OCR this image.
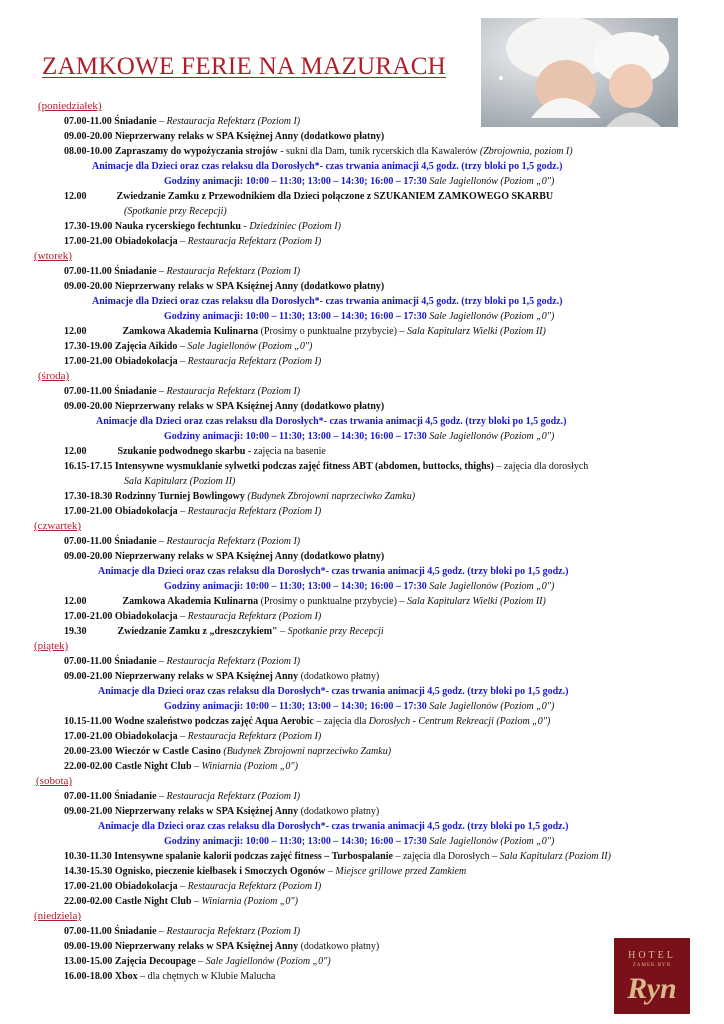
ZAMKOWE FERIE NA MAZURACH
HOTEL
ZAMEK RYN
Ryn
(poniedziałek)
07.00-11.00 Śniadanie – Restauracja Refektarz (Poziom I)
09.00-20.00 Nieprzerwany relaks w SPA Księżnej Anny (dodatkowo płatny)
08.00-10.00 Zapraszamy do wypożyczania strojów - sukni dla Dam, tunik rycerskich dla Kawalerów (Zbrojownia, poziom I)
Animacje dla Dzieci oraz czas relaksu dla Dorosłych*- czas trwania animacji 4,5 godz. (trzy bloki po 1,5 godz.)
Godziny animacji: 10:00 – 11:30; 13:00 – 14:30; 16:00 – 17:30 Sale Jagiellonów (Poziom „0")
12.00	Zwiedzanie Zamku z Przewodnikiem dla Dzieci połączone z SZUKANIEM ZAMKOWEGO SKARBU
(Spotkanie przy Recepcji)
17.30-19.00 Nauka rycerskiego fechtunku - Dziedziniec (Poziom I)
17.00-21.00 Obiadokolacja – Restauracja Refektarz (Poziom I)
(wtorek)
07.00-11.00 Śniadanie – Restauracja Refektarz (Poziom I)
09.00-20.00 Nieprzerwany relaks w SPA Księżnej Anny (dodatkowo płatny)
Animacje dla Dzieci oraz czas relaksu dla Dorosłych*- czas trwania animacji 4,5 godz. (trzy bloki po 1,5 godz.)
Godziny animacji: 10:00 – 11:30; 13:00 – 14:30; 16:00 – 17:30 Sale Jagiellonów (Poziom „0")
12.00	Zamkowa Akademia Kulinarna (Prosimy o punktualne przybycie) – Sala Kapitularz Wielki (Poziom II)
17.30-19.00 Zajęcia Aikido – Sale Jagiellonów (Poziom „0")
17.00-21.00 Obiadokolacja – Restauracja Refektarz (Poziom I)
(środa)
07.00-11.00 Śniadanie – Restauracja Refektarz (Poziom I)
09.00-20.00 Nieprzerwany relaks w SPA Księżnej Anny (dodatkowo płatny)
Animacje dla Dzieci oraz czas relaksu dla Dorosłych*- czas trwania animacji 4,5 godz. (trzy bloki po 1,5 godz.)
Godziny animacji: 10:00 – 11:30; 13:00 – 14:30; 16:00 – 17:30 Sale Jagiellonów (Poziom „0")
12.00	Szukanie podwodnego skarbu - zajęcia na basenie
16.15-17.15 Intensywne wysmuklanie sylwetki podczas zajęć fitness ABT (abdomen, buttocks, thighs) – zajęcia dla dorosłych
Sala Kapitularz (Poziom II)
17.30-18.30 Rodzinny Turniej Bowlingowy (Budynek Zbrojowni naprzeciwko Zamku)
17.00-21.00 Obiadokolacja – Restauracja Refektarz (Poziom I)
(czwartek)
07.00-11.00 Śniadanie – Restauracja Refektarz (Poziom I)
09.00-20.00 Nieprzerwany relaks w SPA Księżnej Anny (dodatkowo płatny)
Animacje dla Dzieci oraz czas relaksu dla Dorosłych*- czas trwania animacji 4,5 godz. (trzy bloki po 1,5 godz.)
Godziny animacji: 10:00 – 11:30; 13:00 – 14:30; 16:00 – 17:30 Sale Jagiellonów (Poziom „0")
12.00	Zamkowa Akademia Kulinarna (Prosimy o punktualne przybycie) – Sala Kapitularz Wielki (Poziom II)
17.00-21.00 Obiadokolacja – Restauracja Refektarz (Poziom I)
19.30	Zwiedzanie Zamku z „dreszczykiem" – Spotkanie przy Recepcji
(piątek)
07.00-11.00 Śniadanie – Restauracja Refektarz (Poziom I)
09.00-21.00 Nieprzerwany relaks w SPA Księżnej Anny (dodatkowo płatny)
Animacje dla Dzieci oraz czas relaksu dla Dorosłych*- czas trwania animacji 4,5 godz. (trzy bloki po 1,5 godz.)
Godziny animacji: 10:00 – 11:30; 13:00 – 14:30; 16:00 – 17:30 Sale Jagiellonów (Poziom „0")
10.15-11.00 Wodne szaleństwo podczas zajęć Aqua Aerobic – zajęcia dla Dorosłych - Centrum Rekreacji (Poziom „0")
17.00-21.00 Obiadokolacja – Restauracja Refektarz (Poziom I)
20.00-23.00 Wieczór w Castle Casino (Budynek Zbrojowni naprzeciwko Zamku)
22.00-02.00 Castle Night Club – Winiarnia (Poziom „0")
(sobota)
07.00-11.00 Śniadanie – Restauracja Refektarz (Poziom I)
09.00-21.00 Nieprzerwany relaks w SPA Księżnej Anny (dodatkowo płatny)
Animacje dla Dzieci oraz czas relaksu dla Dorosłych*- czas trwania animacji 4,5 godz. (trzy bloki po 1,5 godz.)
Godziny animacji: 10:00 – 11:30; 13:00 – 14:30; 16:00 – 17:30 Sale Jagiellonów (Poziom „0")
10.30-11.30 Intensywne spalanie kalorii podczas zajęć fitness – Turbospalanie – zajęcia dla Dorosłych – Sala Kapitularz (Poziom II)
14.30-15.30 Ognisko, pieczenie kiełbasek i Smoczych Ogonów – Miejsce grillowe przed Zamkiem
17.00-21.00 Obiadokolacja – Restauracja Refektarz (Poziom I)
22.00-02.00 Castle Night Club – Winiarnia (Poziom „0")
(niedziela)
07.00-11.00 Śniadanie – Restauracja Refektarz (Poziom I)
09.00-19.00 Nieprzerwany relaks w SPA Księżnej Anny (dodatkowo płatny)
13.00-15.00 Zajęcia Decoupage – Sale Jagiellonów (Poziom „0")
16.00-18.00 Xbox – dla chętnych w Klubie Malucha
